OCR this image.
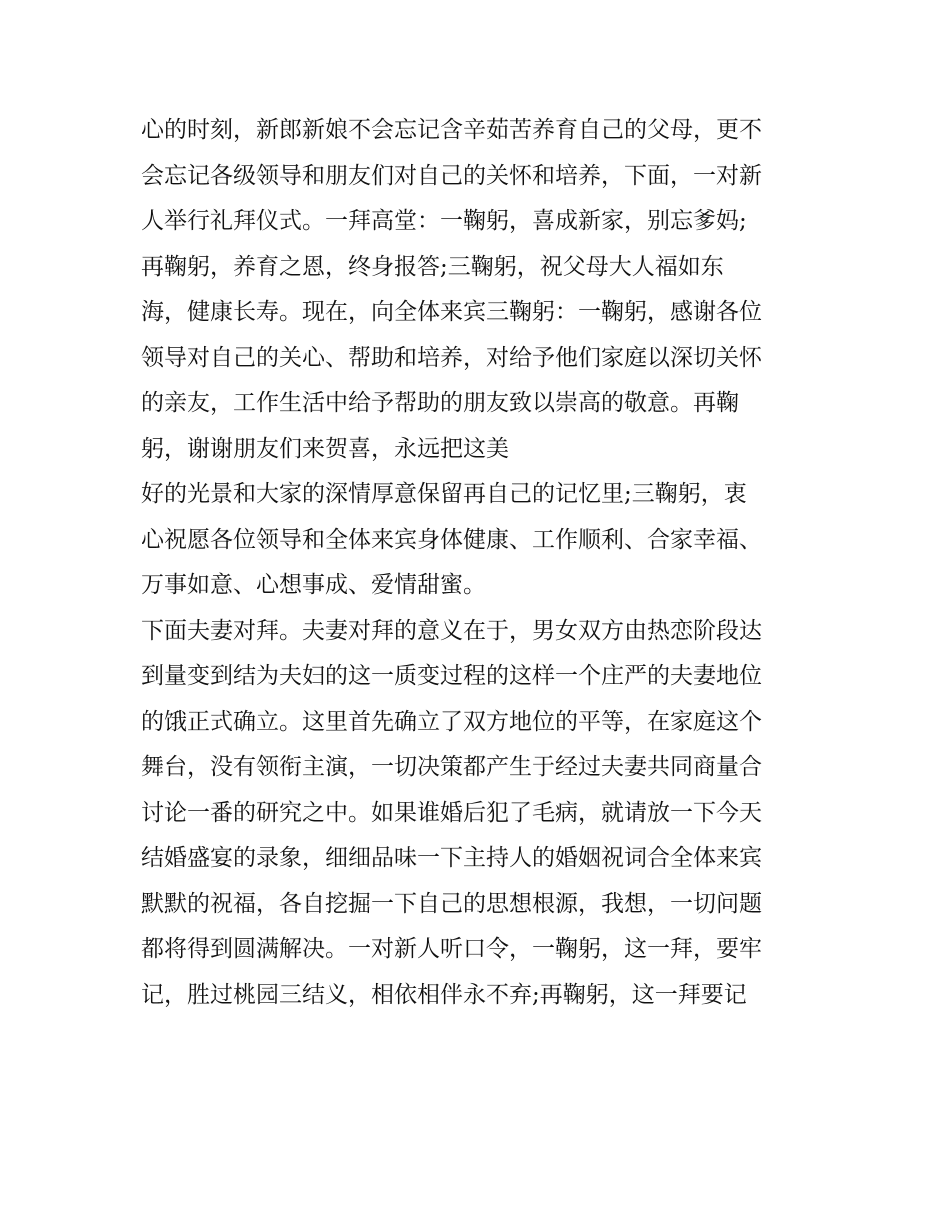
心的时刻，新郎新娘不会忘记含辛茹苦养育自己的父母，更不
会忘记各级领导和朋友们对自己的关怀和培养，下面，一对新
人举行礼拜仪式。一拜高堂：一鞠躬，喜成新家，别忘爹妈;
再鞠躬，养育之恩，终身报答;三鞠躬，祝父母大人福如东
海，健康长寿。现在，向全体来宾三鞠躬：一鞠躬，感谢各位
领导对自己的关心、帮助和培养，对给予他们家庭以深切关怀
的亲友，工作生活中给予帮助的朋友致以崇高的敬意。再鞠
躬，谢谢朋友们来贺喜，永远把这美
好的光景和大家的深情厚意保留再自己的记忆里;三鞠躬，衷
心祝愿各位领导和全体来宾身体健康、工作顺利、合家幸福、
万事如意、心想事成、爱情甜蜜。
下面夫妻对拜。夫妻对拜的意义在于，男女双方由热恋阶段达
到量变到结为夫妇的这一质变过程的这样一个庄严的夫妻地位
的饿正式确立。这里首先确立了双方地位的平等，在家庭这个
舞台，没有领衔主演，一切决策都产生于经过夫妻共同商量合
讨论一番的研究之中。如果谁婚后犯了毛病，就请放一下今天
结婚盛宴的录象，细细品味一下主持人的婚姻祝词合全体来宾
默默的祝福，各自挖掘一下自己的思想根源，我想，一切问题
都将得到圆满解决。一对新人听口令，一鞠躬，这一拜，要牢
记，胜过桃园三结义，相依相伴永不弃;再鞠躬，这一拜要记
